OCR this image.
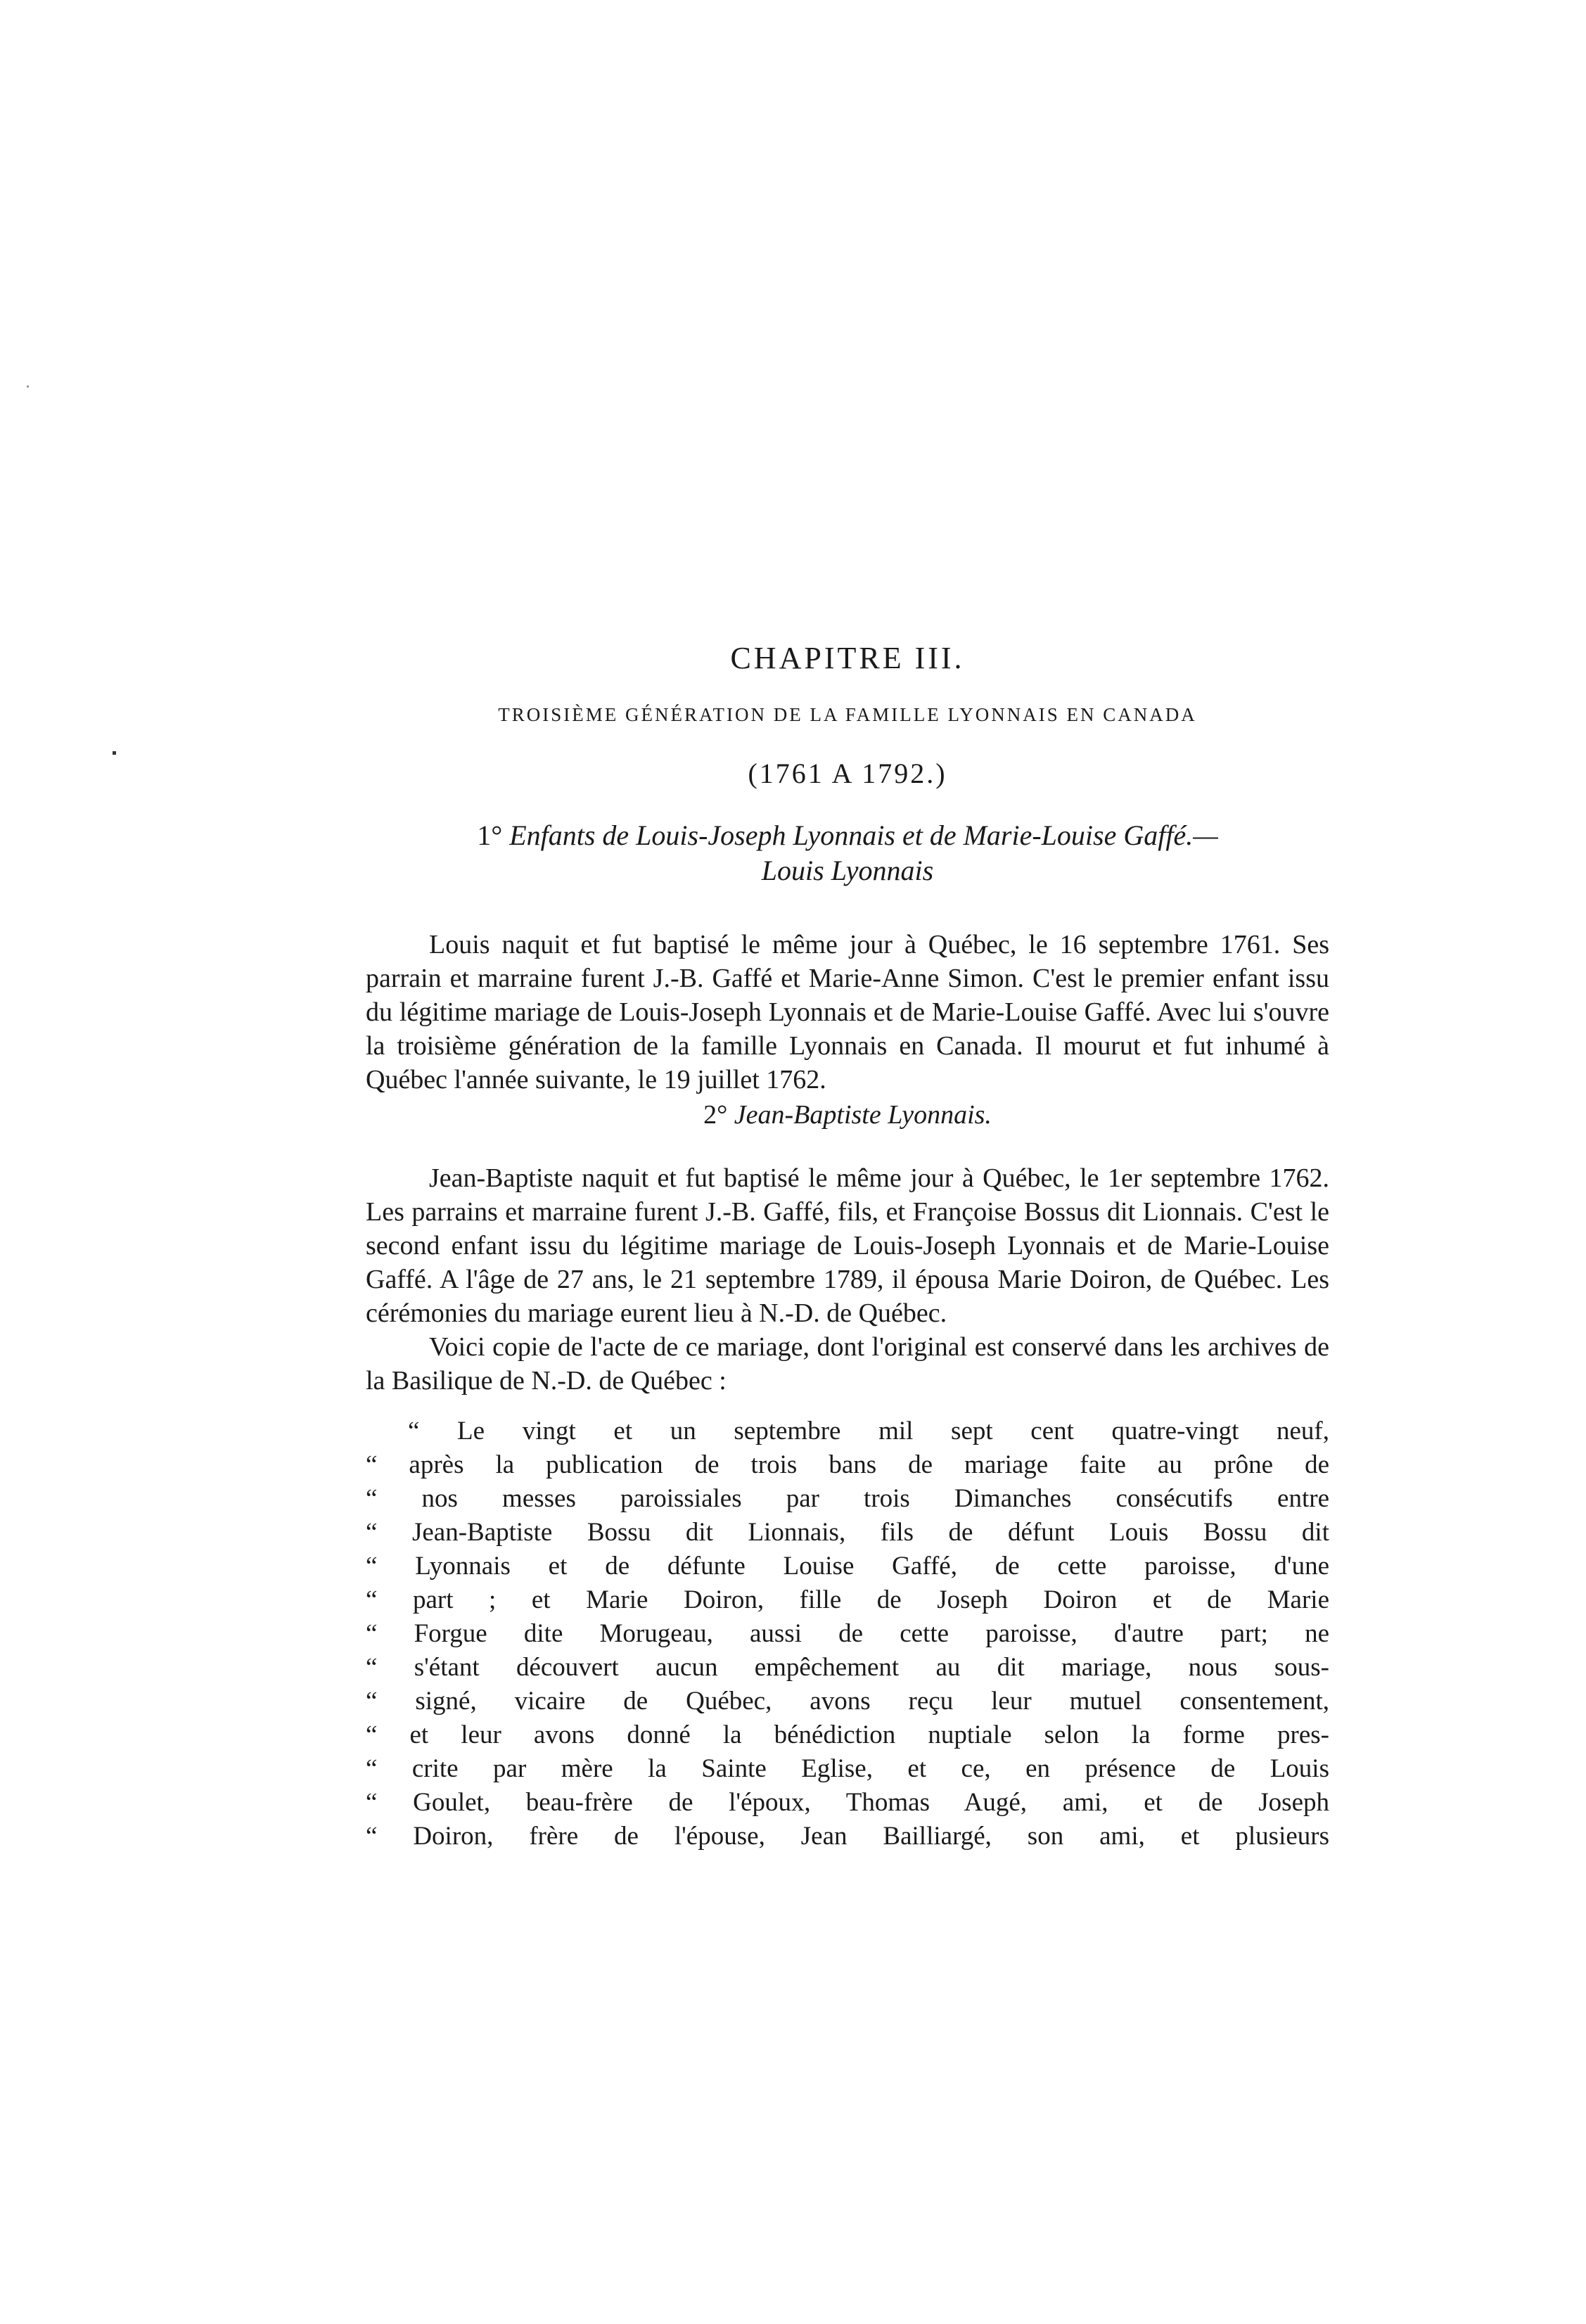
CHAPITRE III.
TROISIÈME GÉNÉRATION DE LA FAMILLE LYONNAIS EN CANADA
(1761 A 1792.)
1° Enfants de Louis-Joseph Lyonnais et de Marie-Louise Gaffé.—
Louis Lyonnais

Louis naquit et fut baptisé le même jour à Québec, le 16 septembre 1761. Ses parrain et marraine furent J.-B. Gaffé et Marie-Anne Simon. C'est le premier enfant issu du légitime mariage de Louis-Joseph Lyonnais et de Marie-Louise Gaffé. Avec lui s'ouvre la troisième génération de la famille Lyonnais en Canada. Il mourut et fut inhumé à Québec l'année suivante, le 19 juillet 1762.

2° Jean-Baptiste Lyonnais.

Jean-Baptiste naquit et fut baptisé le même jour à Québec, le 1er septembre 1762. Les parrains et marraine furent J.-B. Gaffé, fils, et Françoise Bossus dit Lionnais. C'est le second enfant issu du légitime mariage de Louis-Joseph Lyonnais et de Marie-Louise Gaffé. A l'âge de 27 ans, le 21 septembre 1789, il épousa Marie Doiron, de Québec. Les cérémonies du mariage eurent lieu à N.-D. de Québec.

Voici copie de l'acte de ce mariage, dont l'original est conservé dans les archives de la Basilique de N.-D. de Québec :

“ Le vingt et un septembre mil sept cent quatre-vingt neuf,
“ après la publication de trois bans de mariage faite au prône de
“ nos messes paroissiales par trois Dimanches consécutifs entre
“ Jean-Baptiste Bossu dit Lionnais, fils de défunt Louis Bossu dit
“ Lyonnais et de défunte Louise Gaffé, de cette paroisse, d'une
“ part ; et Marie Doiron, fille de Joseph Doiron et de Marie
“ Forgue dite Morugeau, aussi de cette paroisse, d'autre part; ne
“ s'étant découvert aucun empêchement au dit mariage, nous sous-
“ signé, vicaire de Québec, avons reçu leur mutuel consentement,
“ et leur avons donné la bénédiction nuptiale selon la forme pres-
“ crite par mère la Sainte Eglise, et ce, en présence de Louis
“ Goulet, beau-frère de l'époux, Thomas Augé, ami, et de Joseph
“ Doiron, frère de l'épouse, Jean Bailliargé, son ami, et plusieurs
